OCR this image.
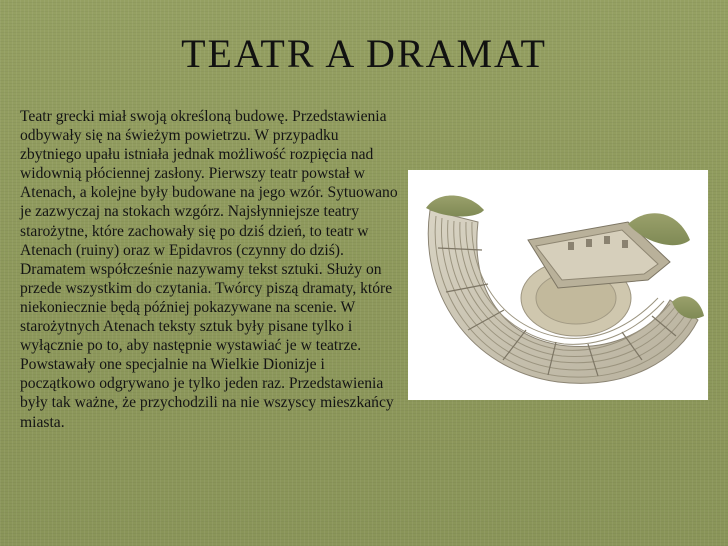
TEATR A DRAMAT

Teatr grecki miał swoją określoną budowę. Przedstawienia odbywały się na świeżym powietrzu. W przypadku zbytniego upału istniała jednak możliwość rozpięcia nad widownią płóciennej zasłony. Pierwszy teatr powstał w Atenach, a kolejne były budowane na jego wzór. Sytuowano je zazwyczaj na stokach wzgórz. Najsłynniejsze teatry starożytne, które zachowały się po dziś dzień, to teatr w Atenach (ruiny) oraz w Epidavros (czynny do dziś).

Dramatem współcześnie nazywamy tekst sztuki. Służy on przede wszystkim do czytania. Twórcy piszą dramaty, które niekoniecznie będą później pokazywane na scenie. W starożytnych Atenach teksty sztuk były pisane tylko i wyłącznie po to, aby następnie wystawiać je w teatrze. Powstawały one specjalnie na Wielkie Dionizje i początkowo odgrywano je tylko jeden raz. Przedstawienia były tak ważne, że przychodzili na nie wszyscy mieszkańcy miasta.
